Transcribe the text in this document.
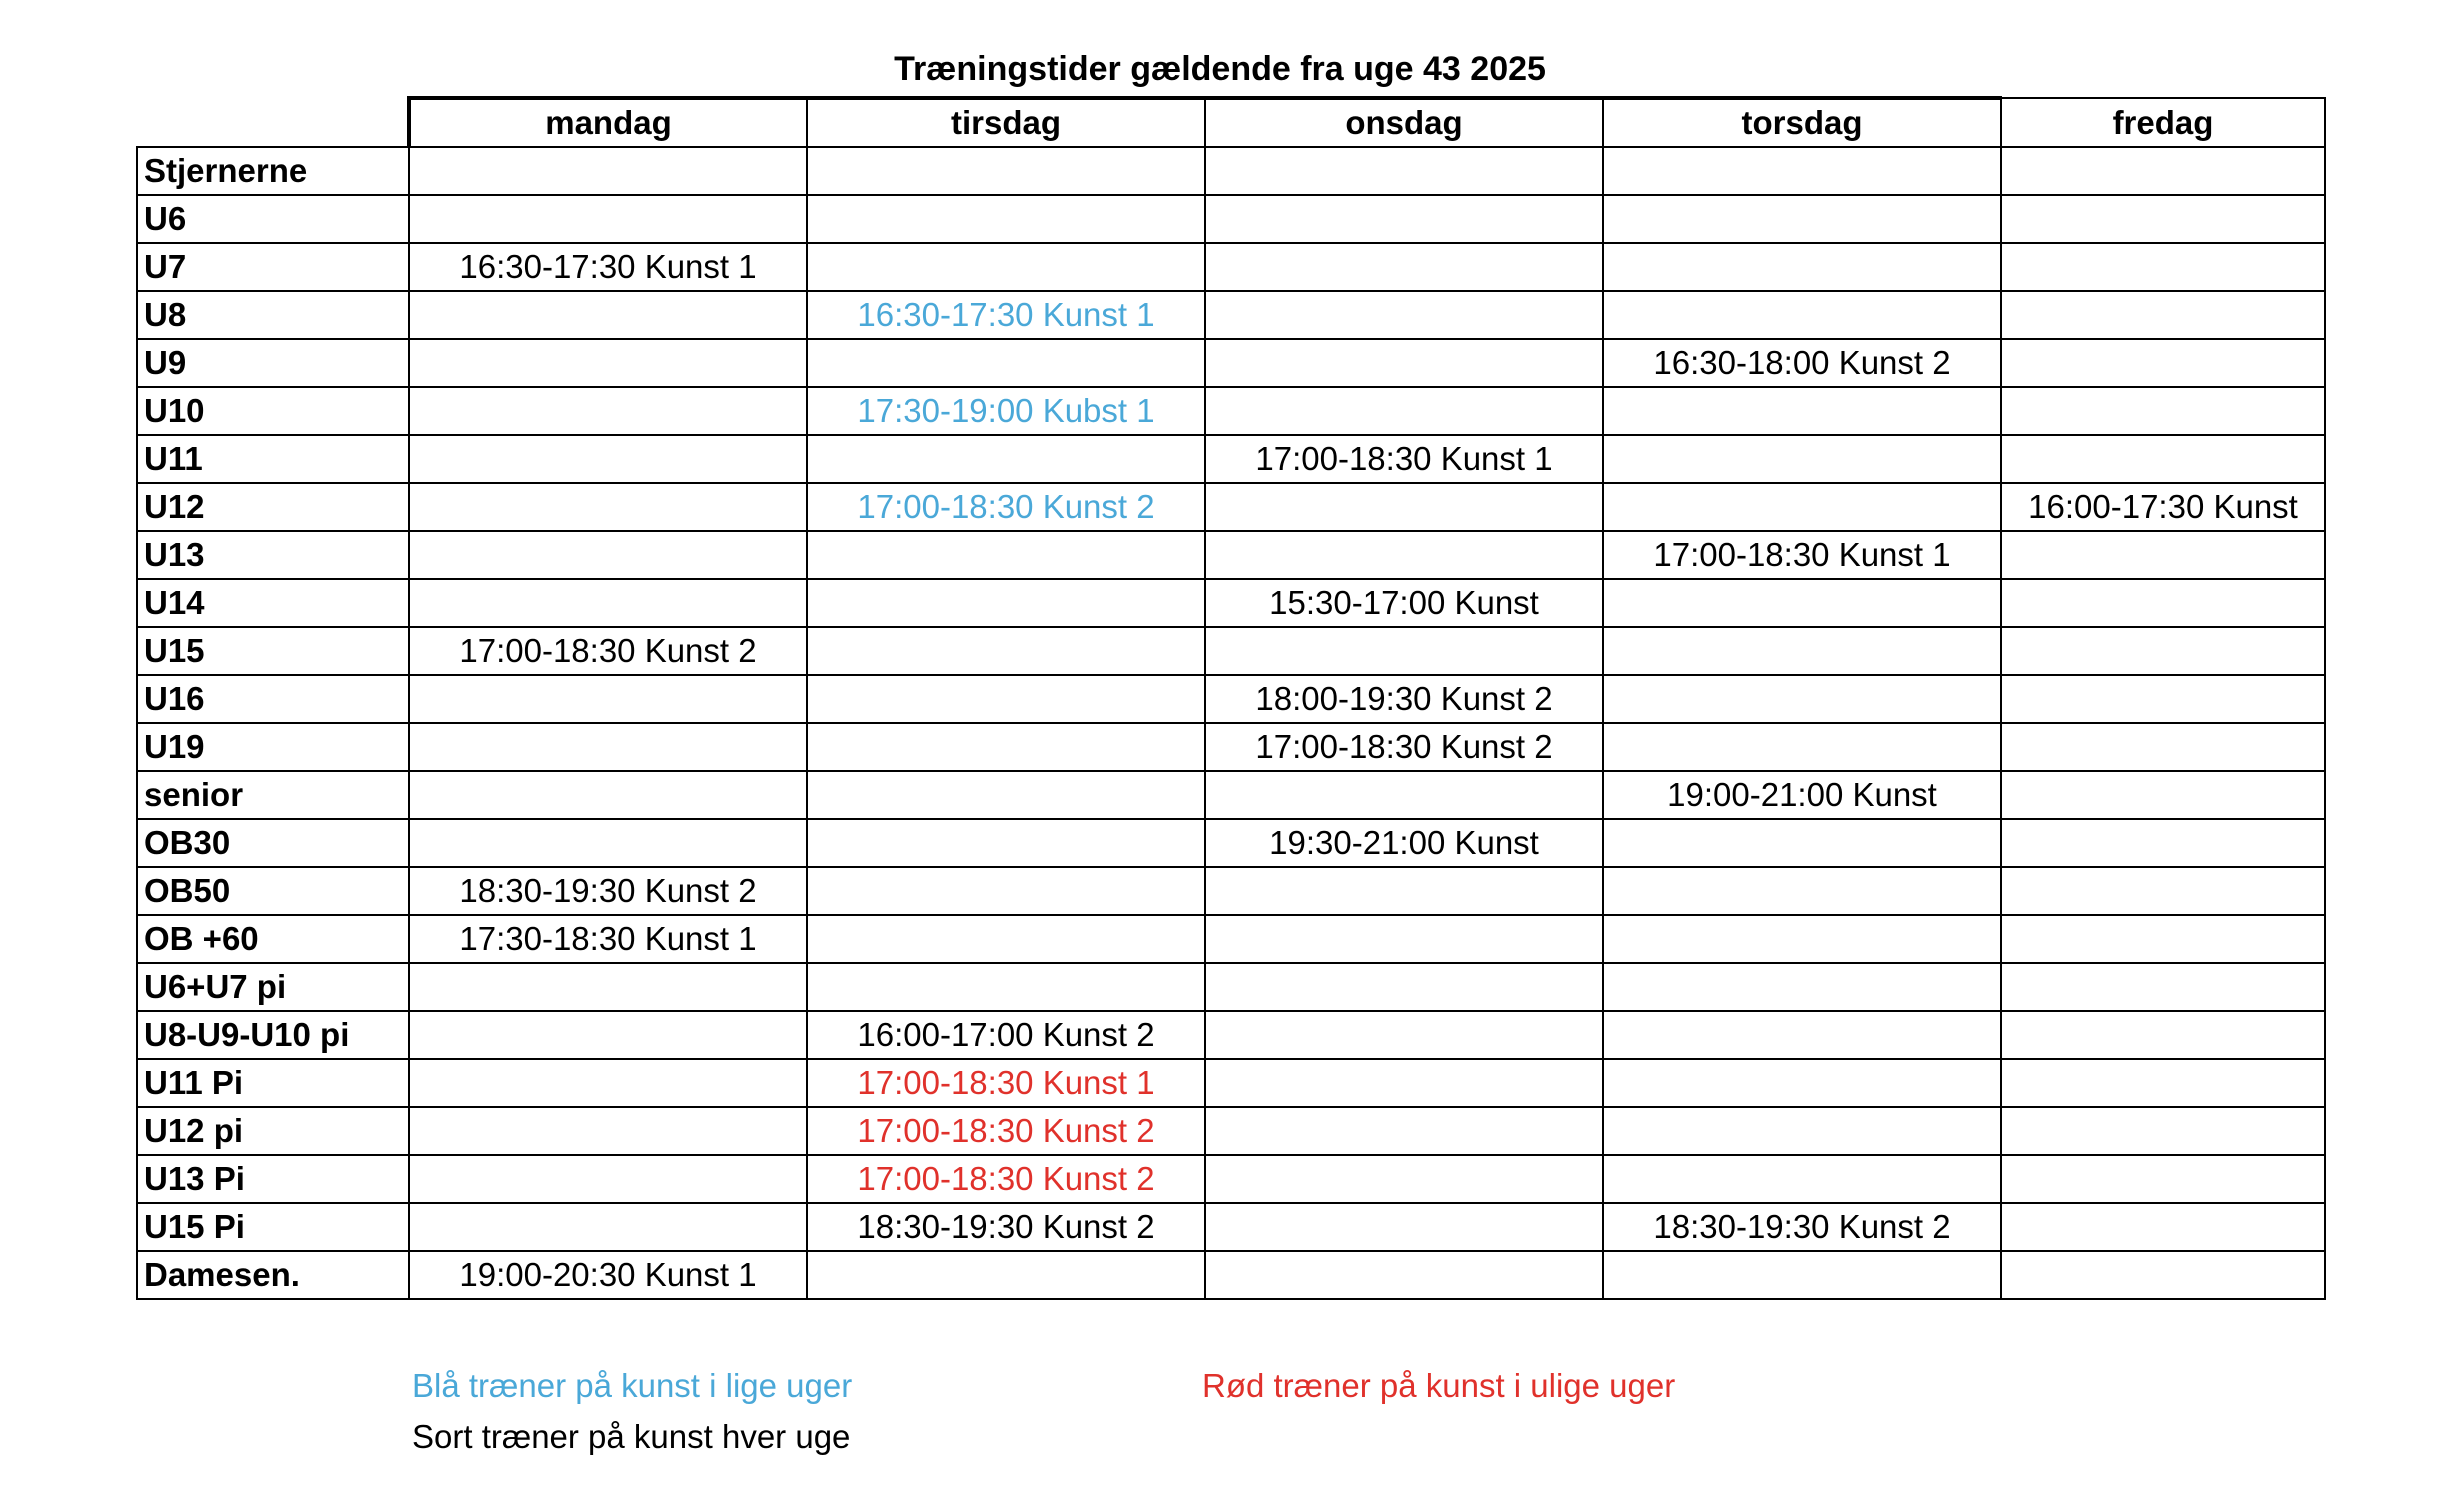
Træningstider gældende fra uge 43 2025
	mandag	tirsdag	onsdag	torsdag	fredag
Stjernerne					
U6					
U7	16:30-17:30 Kunst 1				
U8		16:30-17:30 Kunst 1			
U9				16:30-18:00 Kunst 2	
U10		17:30-19:00 Kubst 1			
U11			17:00-18:30 Kunst 1		
U12		17:00-18:30 Kunst 2			16:00-17:30 Kunst
U13				17:00-18:30 Kunst 1	
U14			15:30-17:00 Kunst		
U15	17:00-18:30 Kunst 2				
U16			18:00-19:30 Kunst 2		
U19			17:00-18:30 Kunst 2		
senior				19:00-21:00 Kunst	
OB30			19:30-21:00 Kunst		
OB50	18:30-19:30 Kunst 2				
OB +60	17:30-18:30 Kunst 1				
U6+U7 pi					
U8-U9-U10 pi		16:00-17:00 Kunst 2			
U11 Pi		17:00-18:30 Kunst 1			
U12 pi		17:00-18:30 Kunst 2			
U13 Pi		17:00-18:30 Kunst 2			
U15 Pi		18:30-19:30 Kunst 2		18:30-19:30 Kunst 2	
Damesen.	19:00-20:30 Kunst 1				
Blå træner på kunst i lige uger	Rød træner på kunst i ulige uger
Sort træner på kunst hver uge
